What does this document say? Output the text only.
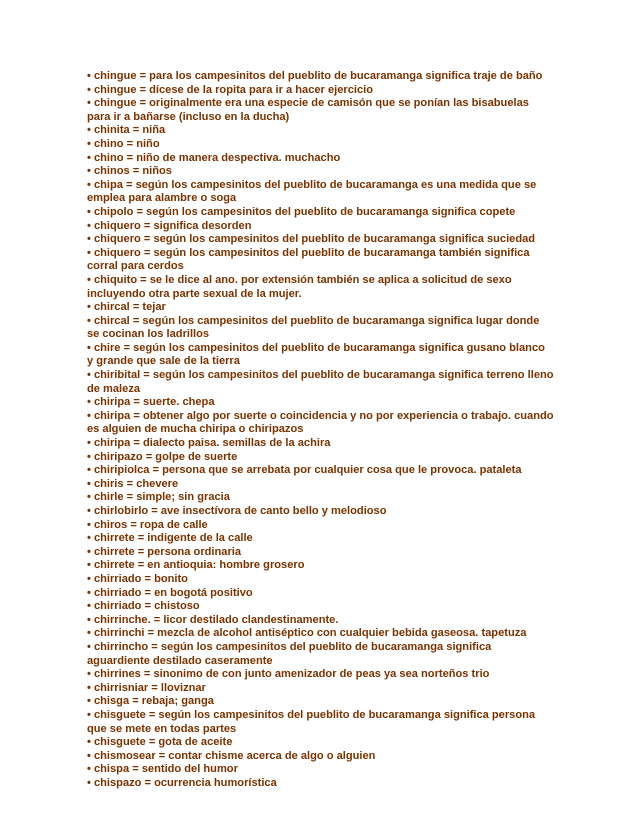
• chingue = para los campesinitos del pueblito de bucaramanga significa traje de baño
• chingue = dícese de la ropita para ir a hacer ejercicio
• chingue = originalmente era una especie de camisón que se ponían las bisabuelas
para ir a bañarse (incluso en la ducha)
• chinita = niña
• chino = niño
• chino = niño de manera despectiva. muchacho
• chinos = niños
• chipa = según los campesinitos del pueblito de bucaramanga es una medida que se
emplea para alambre o soga
• chipolo = según los campesinitos del pueblito de bucaramanga significa copete
• chiquero = significa desorden
• chiquero = según los campesinitos del pueblito de bucaramanga significa suciedad
• chiquero = según los campesinitos del pueblito de bucaramanga también significa
corral para cerdos
• chiquito = se le dice al ano. por extensión también se aplica a solicitud de sexo
incluyendo otra parte sexual de la mujer.
• chircal = tejar
• chircal = según los campesinitos del pueblito de bucaramanga significa lugar donde
se cocinan los ladrillos
• chire = según los campesinitos del pueblito de bucaramanga significa gusano blanco
y grande que sale de la tierra
• chiribital = según los campesinitos del pueblito de bucaramanga significa terreno lleno
de maleza
• chiripa = suerte. chepa
• chiripa = obtener algo por suerte o coincidencia y no por experiencia o trabajo. cuando
es alguien de mucha chiripa o chiripazos
• chiripa = dialecto paisa. semillas de la achira
• chiripazo = golpe de suerte
• chiripiolca = persona que se arrebata por cualquier cosa que le provoca. pataleta
• chiris = chevere
• chirle = simple; sin gracia
• chirlobirlo = ave insectívora de canto bello y melodioso
• chiros = ropa de calle
• chirrete = indigente de la calle
• chirrete = persona ordinaria
• chirrete = en antioquia: hombre grosero
• chirriado = bonito
• chirriado = en bogotá positivo
• chirriado = chistoso
• chirrinche. = licor destilado clandestinamente.
• chirrinchi = mezcla de alcohol antiséptico con cualquier bebida gaseosa. tapetuza
• chirrincho = según los campesinitos del pueblito de bucaramanga significa
aguardiente destilado caseramente
• chirrines = sinonimo de con junto amenizador de peas ya sea norteños trio
• chirrisniar = lloviznar
• chisga = rebaja; ganga
• chisguete = según los campesinitos del pueblito de bucaramanga significa persona
que se mete en todas partes
• chisguete = gota de aceite
• chismosear = contar chisme acerca de algo o alguien
• chispa = sentido del humor
• chispazo = ocurrencia humorística
